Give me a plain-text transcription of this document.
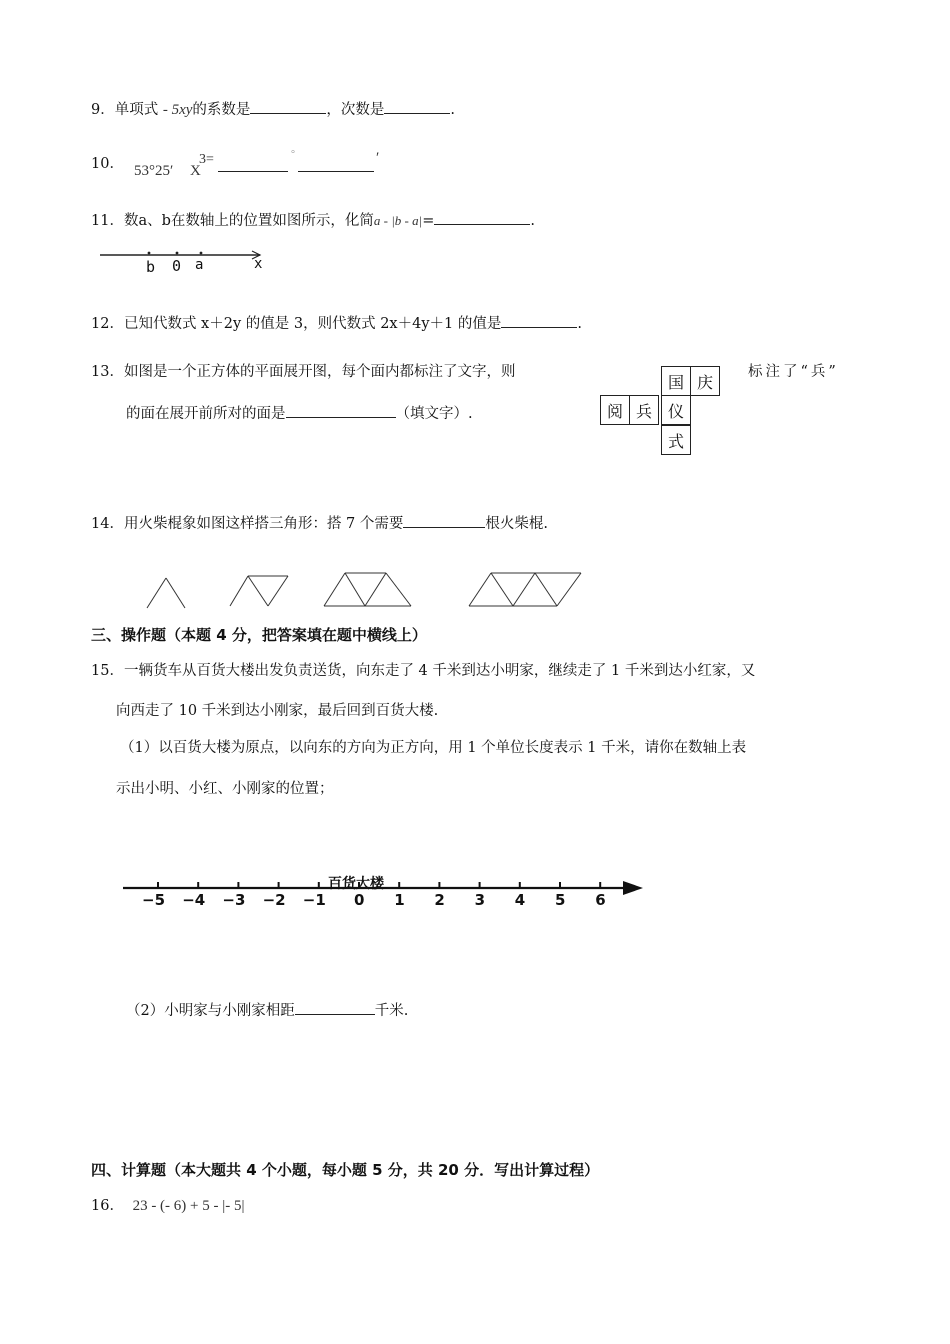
9．单项式 - 5xy的系数是	，次数是	.
10． 53°25′ X
3=	°	′
11．数a、b在数轴上的位置如图所示，化简a - |b - a|=	.
b 0 a	x
12．已知代数式 x＋2y 的值是 3，则代数式 2x＋4y＋1 的值是	.
13．如图是一个正方体的平面展开图，每个面内都标注了文字，则	标注了“兵”
的面在展开前所对的面是	（填文字）.
国 庆
阅 兵 仪
式
14．用火柴棍象如图这样搭三角形：搭 7 个需要	根火柴棍.
三、操作题（本题 4 分，把答案填在题中横线上）
15．一辆货车从百货大楼出发负责送货，向东走了 4 千米到达小明家，继续走了 1 千米到达小红家，又
向西走了 10 千米到达小刚家，最后回到百货大楼.
（1）以百货大楼为原点，以向东的方向为正方向，用 1 个单位长度表示 1 千米，请你在数轴上表
示出小明、小红、小刚家的位置；
百货大楼
−5 −4 −3 −2 −1 0 1 2 3 4 5 6
（2）小明家与小刚家相距	千米.
四、计算题（本大题共 4 个小题，每小题 5 分，共 20 分．写出计算过程）
16． 23 - (- 6) + 5 - |- 5|
